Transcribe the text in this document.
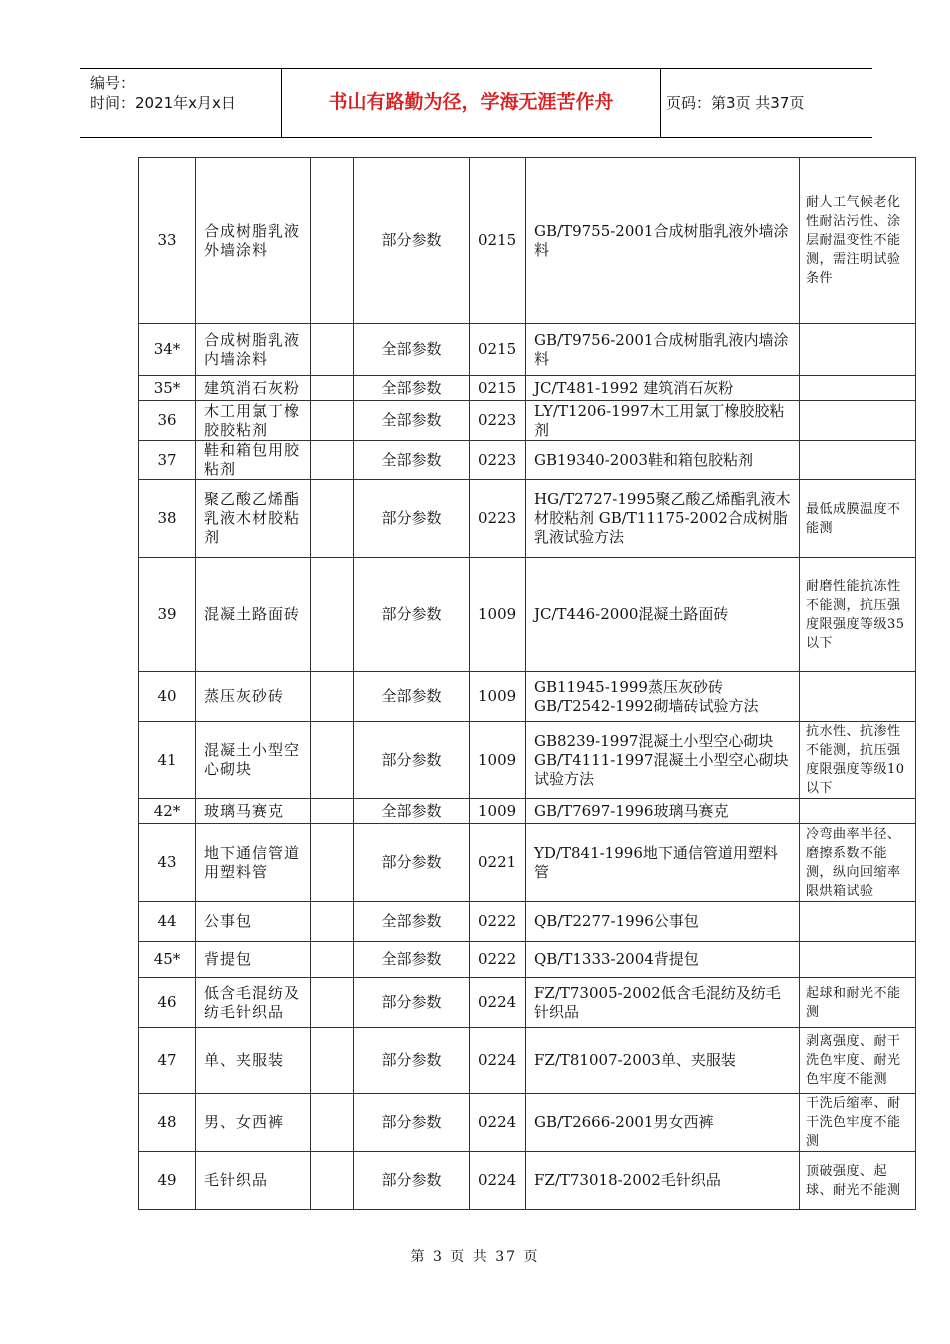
编号：
时间：2021年x月x日	书山有路勤为径，学海无涯苦作舟	页码：第3页 共37页
33	合成树脂乳液外墙涂料		部分参数	0215	GB/T9755-2001合成树脂乳液外墙涂料	耐人工气候老化性耐沾污性、涂层耐温变性不能测，需注明试验条件
34*	合成树脂乳液内墙涂料		全部参数	0215	GB/T9756-2001合成树脂乳液内墙涂料	
35*	建筑消石灰粉		全部参数	0215	JC/T481-1992 建筑消石灰粉	
36	木工用氯丁橡胶胶粘剂		全部参数	0223	LY/T1206-1997木工用氯丁橡胶胶粘剂	
37	鞋和箱包用胶粘剂		全部参数	0223	GB19340-2003鞋和箱包胶粘剂	
38	聚乙酸乙烯酯乳液木材胶粘剂		部分参数	0223	HG/T2727-1995聚乙酸乙烯酯乳液木材胶粘剂 GB/T11175-2002合成树脂乳液试验方法	最低成膜温度不能测
39	混凝土路面砖		部分参数	1009	JC/T446-2000混凝土路面砖	耐磨性能抗冻性不能测，抗压强度限强度等级35以下
40	蒸压灰砂砖		全部参数	1009	GB11945-1999蒸压灰砂砖 GB/T2542-1992砌墙砖试验方法	
41	混凝土小型空心砌块		部分参数	1009	GB8239-1997混凝土小型空心砌块 GB/T4111-1997混凝土小型空心砌块试验方法	抗水性、抗渗性不能测，抗压强度限强度等级10以下
42*	玻璃马赛克		全部参数	1009	GB/T7697-1996玻璃马赛克	
43	地下通信管道用塑料管		部分参数	0221	YD/T841-1996地下通信管道用塑料管	冷弯曲率半径、磨擦系数不能测，纵向回缩率限烘箱试验
44	公事包		全部参数	0222	QB/T2277-1996公事包	
45*	背提包		全部参数	0222	QB/T1333-2004背提包	
46	低含毛混纺及纺毛针织品		部分参数	0224	FZ/T73005-2002低含毛混纺及纺毛针织品	起球和耐光不能测
47	单、夹服装		部分参数	0224	FZ/T81007-2003单、夹服装	剥离强度、耐干洗色牢度、耐光色牢度不能测
48	男、女西裤		部分参数	0224	GB/T2666-2001男女西裤	干洗后缩率、耐干洗色牢度不能测
49	毛针织品		部分参数	0224	FZ/T73018-2002毛针织品	顶破强度、起球、耐光不能测
第 3 页 共 37 页
